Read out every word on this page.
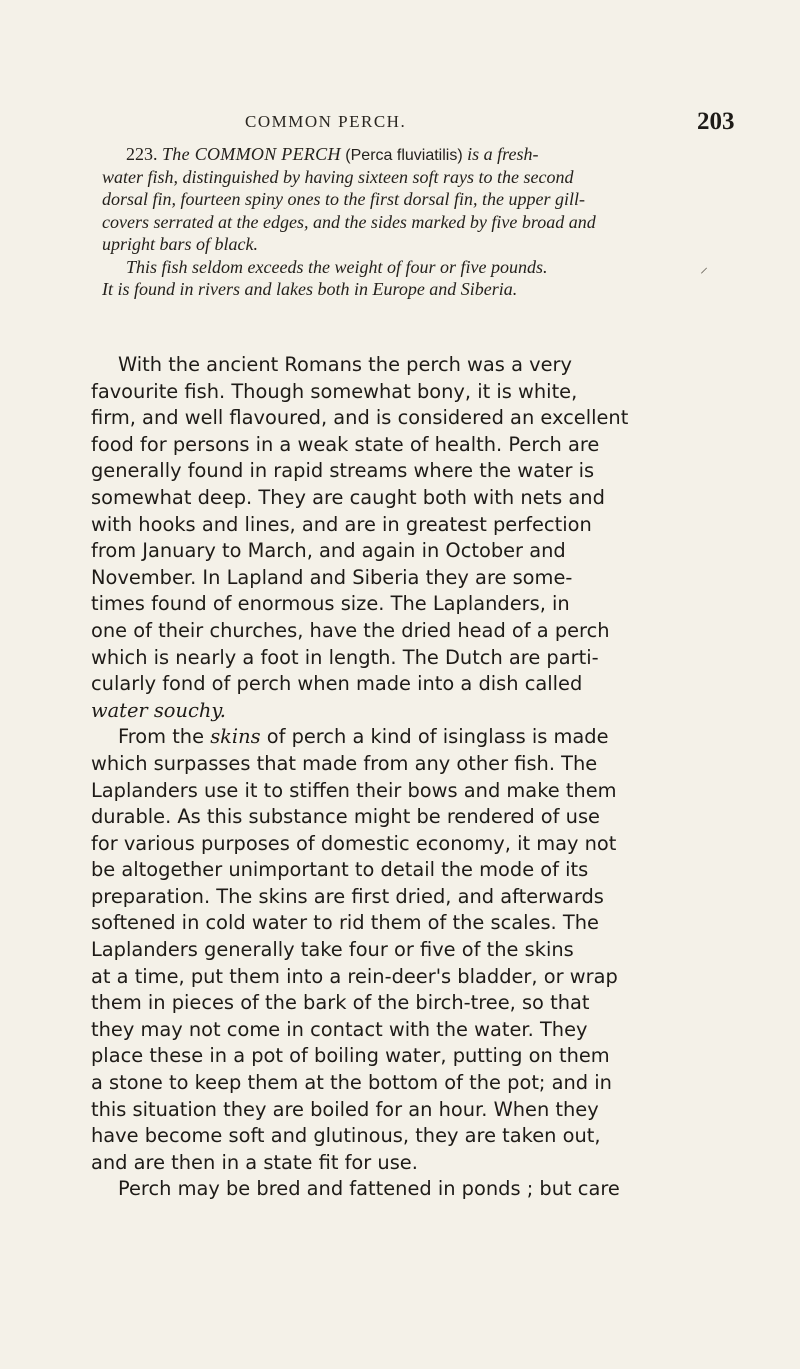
COMMON PERCH.	203
223. The COMMON PERCH (Perca fluviatilis) is a fresh-
water fish, distinguished by having sixteen soft rays to the second
dorsal fin, fourteen spiny ones to the first dorsal fin, the upper gill-
covers serrated at the edges, and the sides marked by five broad and
upright bars of black.
This fish seldom exceeds the weight of four or five pounds.
It is found in rivers and lakes both in Europe and Siberia.
With the ancient Romans the perch was a very
favourite fish. Though somewhat bony, it is white,
firm, and well flavoured, and is considered an excellent
food for persons in a weak state of health. Perch are
generally found in rapid streams where the water is
somewhat deep. They are caught both with nets and
with hooks and lines, and are in greatest perfection
from January to March, and again in October and
November. In Lapland and Siberia they are some-
times found of enormous size. The Laplanders, in
one of their churches, have the dried head of a perch
which is nearly a foot in length. The Dutch are parti-
cularly fond of perch when made into a dish called
water souchy.
From the skins of perch a kind of isinglass is made
which surpasses that made from any other fish. The
Laplanders use it to stiffen their bows and make them
durable. As this substance might be rendered of use
for various purposes of domestic economy, it may not
be altogether unimportant to detail the mode of its
preparation. The skins are first dried, and afterwards
softened in cold water to rid them of the scales. The
Laplanders generally take four or five of the skins
at a time, put them into a rein-deer's bladder, or wrap
them in pieces of the bark of the birch-tree, so that
they may not come in contact with the water. They
place these in a pot of boiling water, putting on them
a stone to keep them at the bottom of the pot; and in
this situation they are boiled for an hour. When they
have become soft and glutinous, they are taken out,
and are then in a state fit for use.
Perch may be bred and fattened in ponds ; but care
⸍
